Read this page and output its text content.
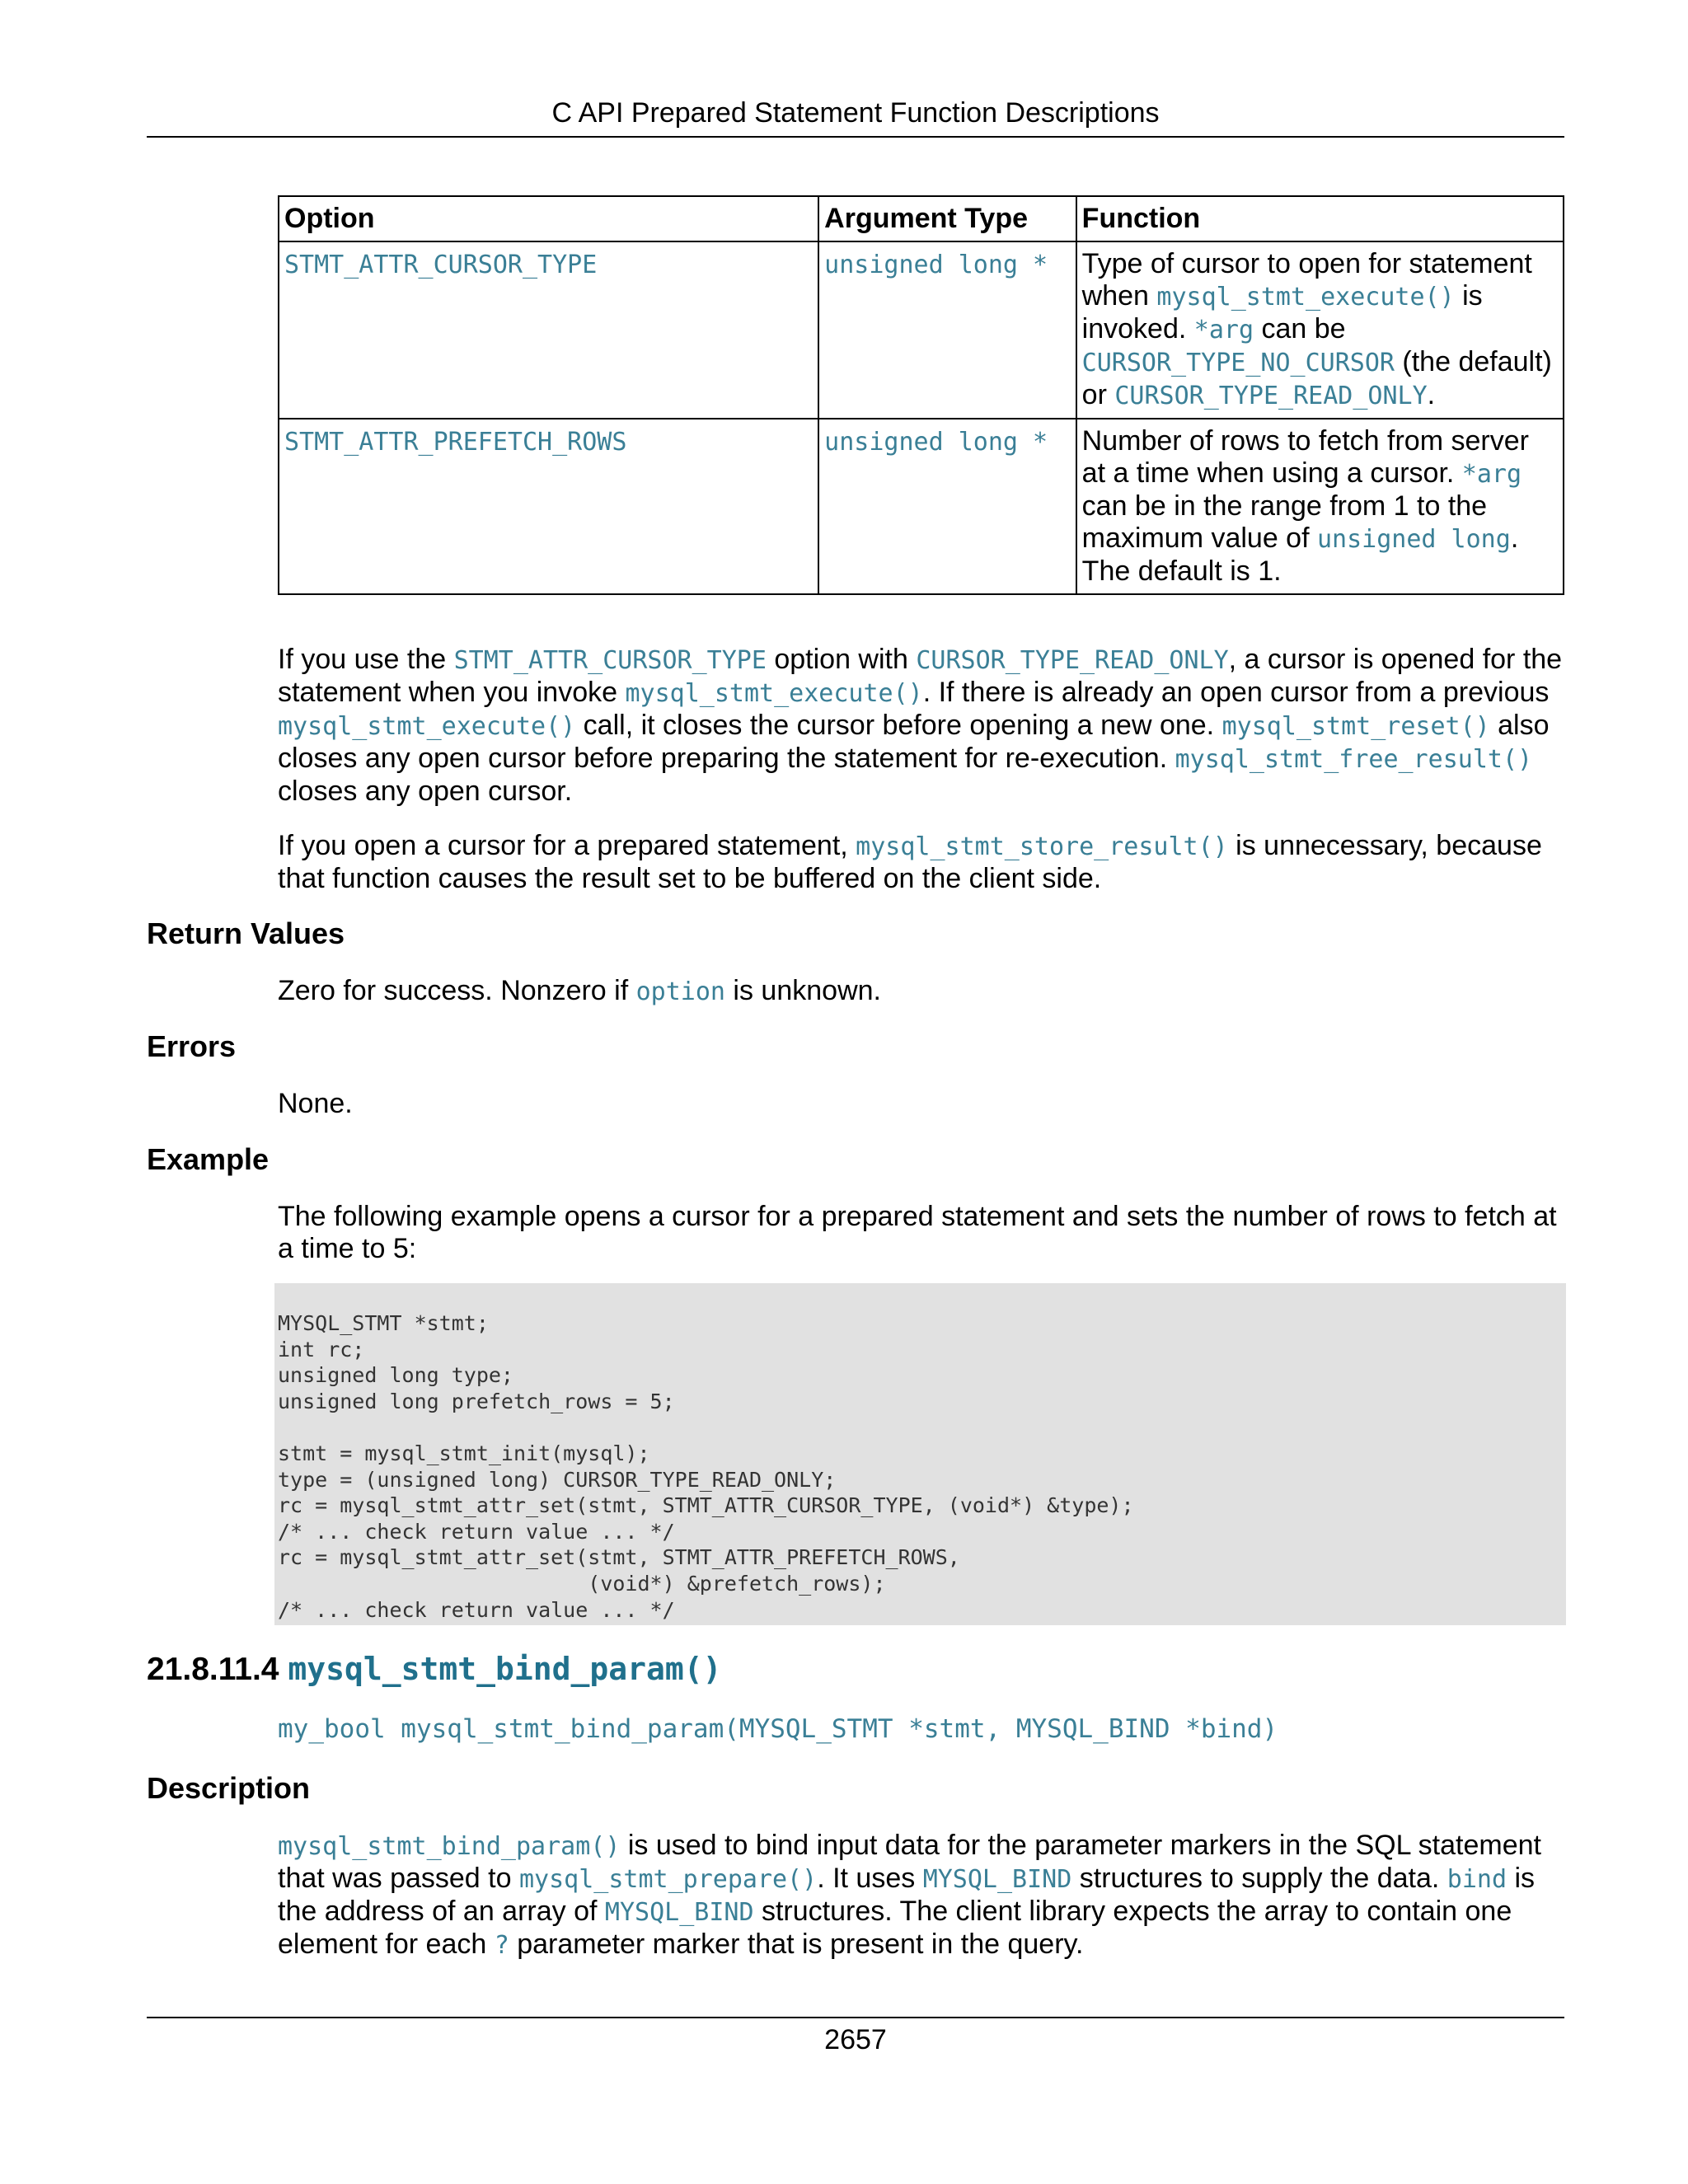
C API Prepared Statement Function Descriptions
Option	Argument Type	Function
STMT_ATTR_CURSOR_TYPE	unsigned long *	Type of cursor to open for statement when mysql_stmt_execute() is invoked. *arg can be CURSOR_TYPE_NO_CURSOR (the default) or CURSOR_TYPE_READ_ONLY.
STMT_ATTR_PREFETCH_ROWS	unsigned long *	Number of rows to fetch from server at a time when using a cursor. *arg can be in the range from 1 to the maximum value of unsigned long. The default is 1.

If you use the STMT_ATTR_CURSOR_TYPE option with CURSOR_TYPE_READ_ONLY, a cursor is opened for the statement when you invoke mysql_stmt_execute(). If there is already an open cursor from a previous mysql_stmt_execute() call, it closes the cursor before opening a new one. mysql_stmt_reset() also closes any open cursor before preparing the statement for re-execution. mysql_stmt_free_result() closes any open cursor.

If you open a cursor for a prepared statement, mysql_stmt_store_result() is unnecessary, because that function causes the result set to be buffered on the client side.

Return Values

Zero for success. Nonzero if option is unknown.

Errors
None.
Example
The following example opens a cursor for a prepared statement and sets the number of rows to fetch at a time to 5:
MYSQL_STMT *stmt;
int rc;
unsigned long type;
unsigned long prefetch_rows = 5;

stmt = mysql_stmt_init(mysql);
type = (unsigned long) CURSOR_TYPE_READ_ONLY;
rc = mysql_stmt_attr_set(stmt, STMT_ATTR_CURSOR_TYPE, (void*) &type);
/* ... check return value ... */
rc = mysql_stmt_attr_set(stmt, STMT_ATTR_PREFETCH_ROWS,
(void*) &prefetch_rows);
/* ... check return value ... */
21.8.11.4 mysql_stmt_bind_param()
my_bool mysql_stmt_bind_param(MYSQL_STMT *stmt, MYSQL_BIND *bind)
Description

mysql_stmt_bind_param() is used to bind input data for the parameter markers in the SQL statement that was passed to mysql_stmt_prepare(). It uses MYSQL_BIND structures to supply the data. bind is the address of an array of MYSQL_BIND structures. The client library expects the array to contain one element for each ? parameter marker that is present in the query.

2657
